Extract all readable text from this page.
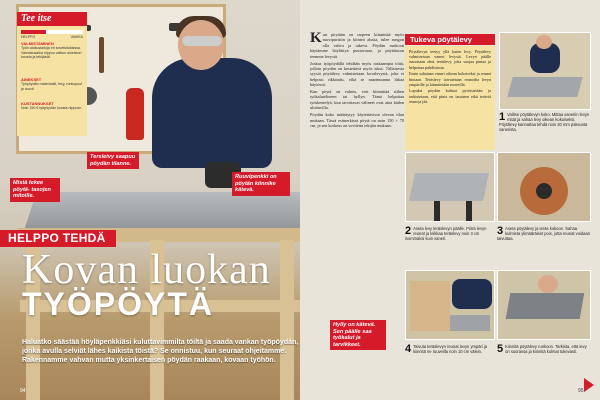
HELPPO	VAIKEA
VALMISTAMINEN
Työn aloitustaitoja eri sovellutuksissa. Valmistusaika riippuu valitun aineiston koosta ja tekijästä.
AINEKSET
Työpöydän materiaalit, levy, runkopuut ja ruuvit.
KUSTANNUKSET
Noin 150 € työpöydän koosta riippuen.
Tee itse
Tersleivy saapuu pöydän tilanne.
Mistä tekee pöytä- tasojen mitoille.
Ruuvipenkki on pöytän kiinnike kätevä.
Hylly on kätevä. Sen päälle saa työkalut ja tarvikkeet.
HELPPO TEHDÄ
Kovan luokan
TYÖPÖYTÄ
Haluatko säästää höyläpenkkiäsi kuluttavimmilta töiltä ja saada vankan työpöydän, jonka avulla selviät lähes kaikista töistä? Se onnistuu, kun seuraat ohjeitamme. Rakennamme vahvan mutta yksinkertaisen pöydän raakaan, kovaan työhön.
94

Kun pöytään on tarpeen kiinnittää myös ruuvipuristin ja kiinteä alusta, tulee rungon olla vahva ja tukeva. Pöydän runkoon käytämme höylättyä puutavaraa, ja pöytätason teemme levystä.

Joskus työpöydällä tehdään myös raskaampia töitä, jolloin pöydän on kestettävä myös iskut. Tällaisesta syystä pöytälevy valmistetaan kovalevystä, joka ei helposti rikkoudu, eikä se naarmuunnu liikaa käytössä.

Kun pöytä on valmis, voit kiinnittää siihen työkalutelineen tai hyllyn. Tämä helpottaa työskentelyä, kun tarvittavat välineet ovat aina käden ulottuvilla.

Pöydän koko määräytyy käytettävissä olevan tilan mukaan. Tässä esimerkissä pöytä on noin 150 × 70 cm, ja sen korkeus on sovitettu tekijän mukaan.

Tukeva pöytälevy

Pöytälevyn teetyy yllä kuten levy. Pöytälevy valmistetaan vaneri levystä. Levyn päälle ruuvataan ohut teräslevy, joka suojaa pintaa ja helpottaa puhdistusta.

Ensin sahataan vaneri oikean kokoiseksi ja reunat hiotaan. Teräslevy taivutetaan reunoilta levyn ympärille ja kiinnitetään ruuveilla.

Lopuksi pöydän kulmat pyöristetään ja tarkistetaan, että pinta on tasainen eikä teräviä reunoja jää.

1 Valitse pöytälevyn koko. Mittaa vaneriin levyn mitat ja sahaa levy oikean kokoiseksi. Pöytälevy kannattaa tehdä noin 20 mm paksusta vanerista.
2 Aseta levy teräslevyn päälle. Piirrä levyn reunat ja leikkaa teräslevy noin 3 cm isommaksi kuin vaneri.
3 Aseta pöytälevy ja teräs kokoon. Sahaa kulmista ylimääräiset pois, jotta reunat voidaan taivuttaa.
4 Taivuta teräslevyn reunat levyn ympäri ja kiinnitä ne ruuveilla noin 10 cm välein.	5 Kiinnitä pöytälevy runkoon. Tarkista, että levy on suorassa ja kiinnitä kulmat tukevasti.
95
